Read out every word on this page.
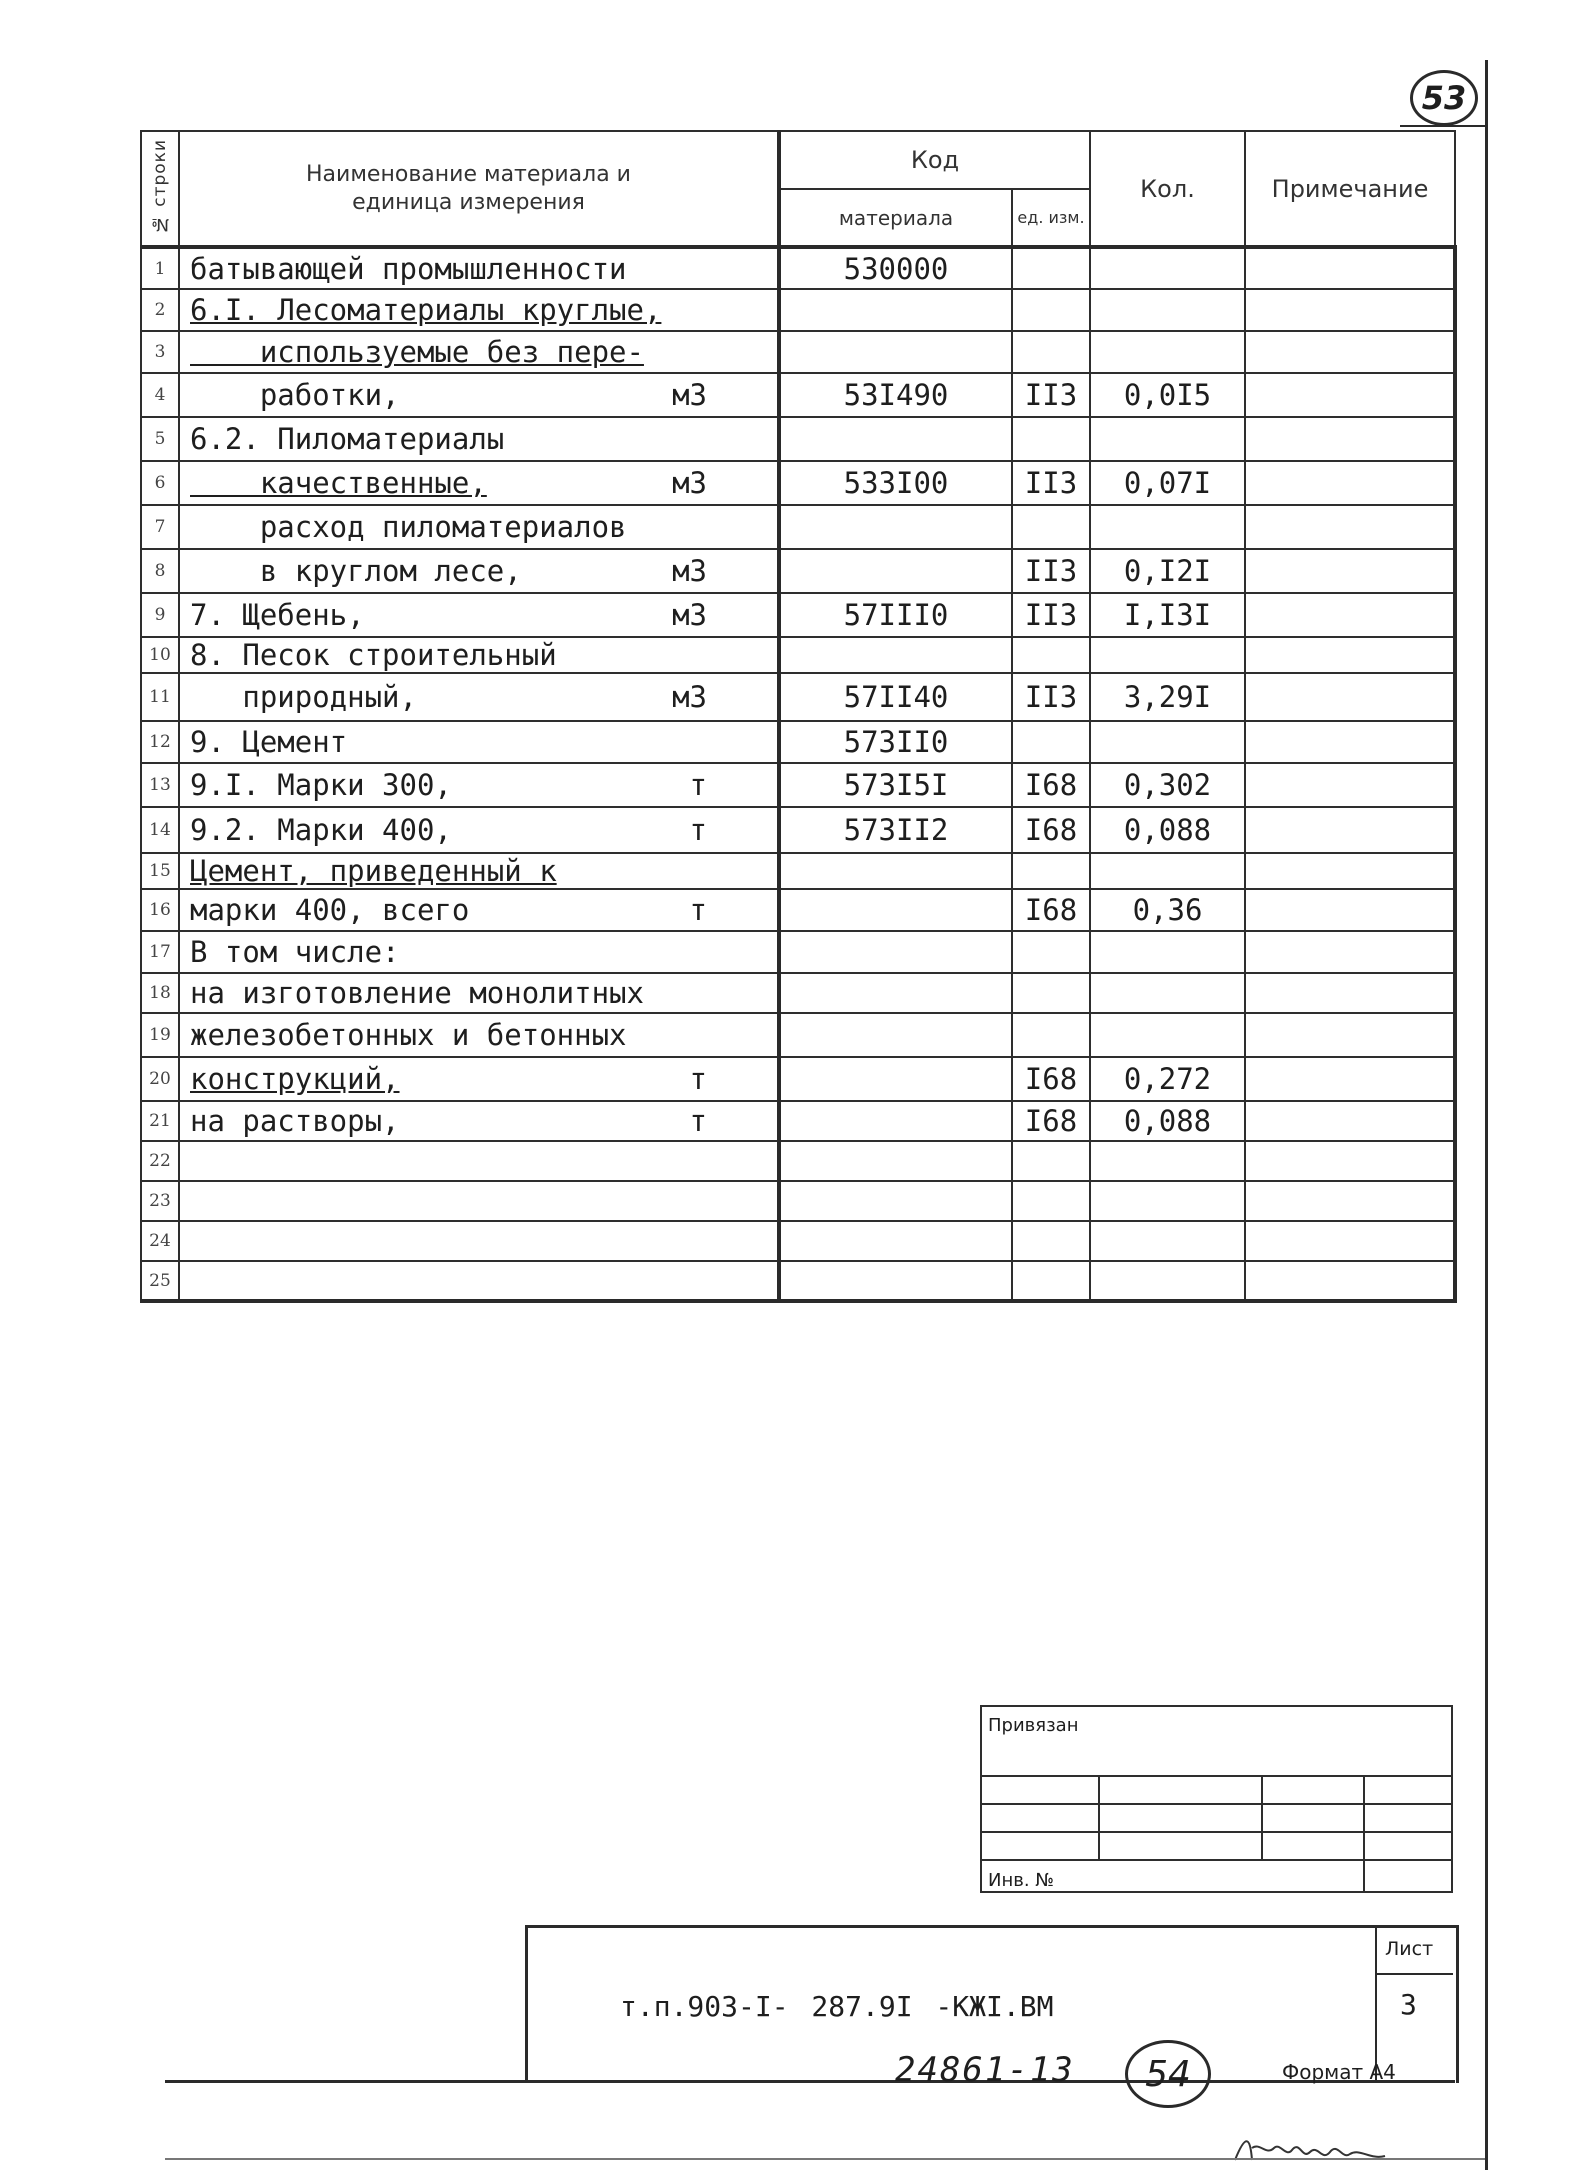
53
№ строки	Наименование материала и единица измерения	Код		Кол.	Примечание
		материала	ед. изм.		
1	батывающей промышленности	530000			
2	6.I. Лесоматериалы круглые,

3	используемые без пере-

4	работки, м3	53I490	II3	0,0I5	
5	6.2. Пиломатериалы

6	качественные, м3	533I00	II3	0,07I	
7	расход пиломатериалов

8	в круглом лесе, м3		II3	0,I2I	
9	7. Щебень, м3	57III0	II3	I,I3I	
10	8. Песок строительный

11	природный, м3	57II40	II3	3,29I	
12	9. Цемент	573II0			
13	9.I. Марки 300, т	573I5I	I68	0,302	
14	9.2. Марки 400, т	573II2	I68	0,088	
15	Цемент, приведенный к

16	марки 400, всего т		I68	0,36	
17	В том числе:

18	на изготовление монолитных

19	железобетонных и бетонных

20	конструкций, т		I68	0,272	
21	на растворы, т		I68	0,088	
22	

23	

24	

25	

Привязан			

Инв. №			
т.п.903-I- 287.9I -КЖI.ВМ
Лист
3
24861-13	54	Формат А4
